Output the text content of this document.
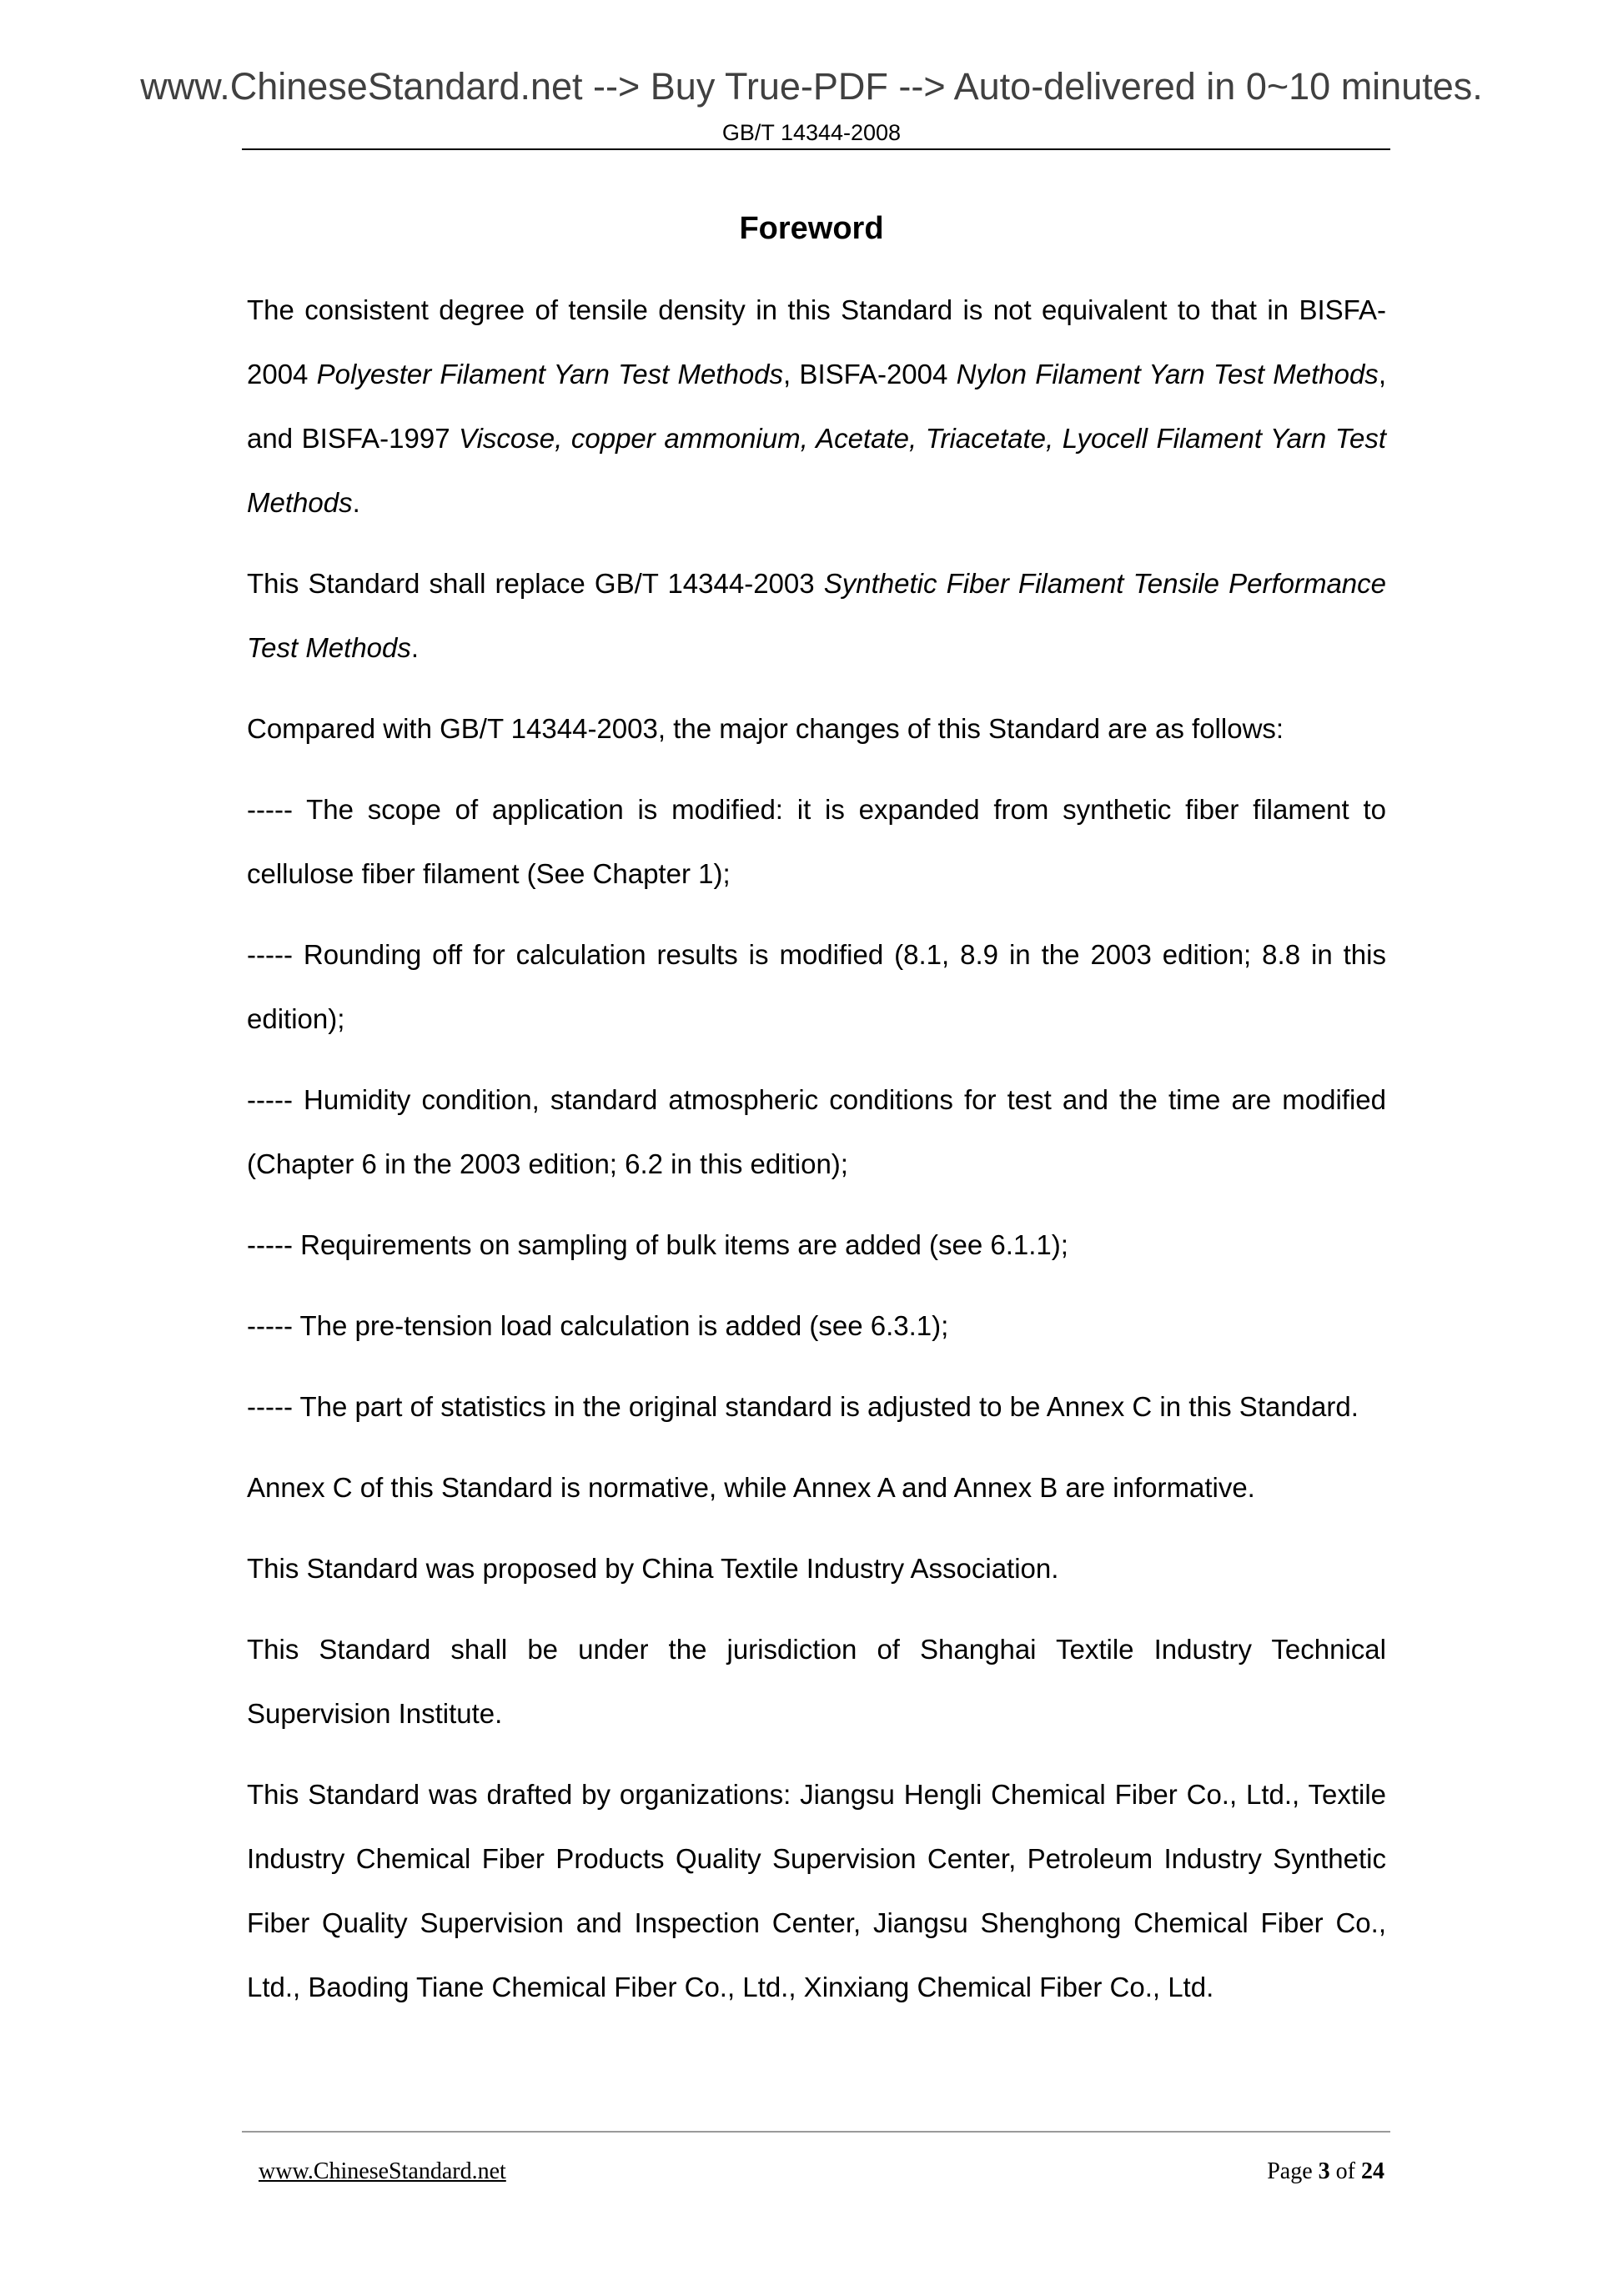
www.ChineseStandard.net --> Buy True-PDF --> Auto-delivered in 0~10 minutes.
GB/T 14344-2008
Foreword

The consistent degree of tensile density in this Standard is not equivalent to that in BISFA-2004 Polyester Filament Yarn Test Methods, BISFA-2004 Nylon Filament Yarn Test Methods, and BISFA-1997 Viscose, copper ammonium, Acetate, Triacetate, Lyocell Filament Yarn Test Methods.

This Standard shall replace GB/T 14344-2003 Synthetic Fiber Filament Tensile Performance Test Methods.

Compared with GB/T 14344-2003, the major changes of this Standard are as follows:

----- The scope of application is modified: it is expanded from synthetic fiber filament to cellulose fiber filament (See Chapter 1);

----- Rounding off for calculation results is modified (8.1, 8.9 in the 2003 edition; 8.8 in this edition);

----- Humidity condition, standard atmospheric conditions for test and the time are modified (Chapter 6 in the 2003 edition; 6.2 in this edition);

----- Requirements on sampling of bulk items are added (see 6.1.1);

----- The pre-tension load calculation is added (see 6.3.1);

----- The part of statistics in the original standard is adjusted to be Annex C in this Standard.

Annex C of this Standard is normative, while Annex A and Annex B are informative.

This Standard was proposed by China Textile Industry Association.

This Standard shall be under the jurisdiction of Shanghai Textile Industry Technical Supervision Institute.

This Standard was drafted by organizations: Jiangsu Hengli Chemical Fiber Co., Ltd., Textile Industry Chemical Fiber Products Quality Supervision Center, Petroleum Industry Synthetic Fiber Quality Supervision and Inspection Center, Jiangsu Shenghong Chemical Fiber Co., Ltd., Baoding Tiane Chemical Fiber Co., Ltd., Xinxiang Chemical Fiber Co., Ltd.

www.ChineseStandard.net	Page 3 of 24
